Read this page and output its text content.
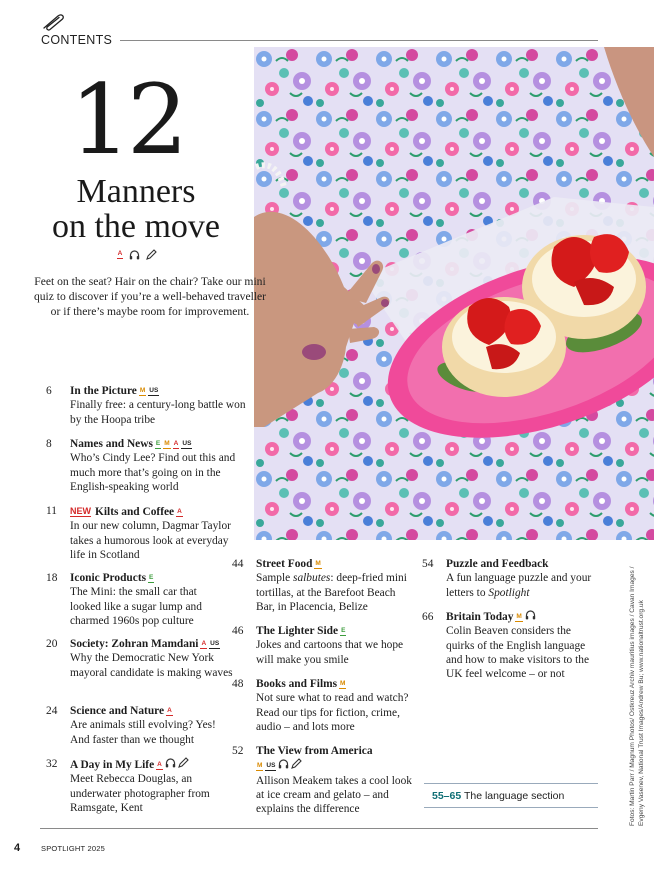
CONTENTS
12
Manners
on the move
A
Feet on the seat? Hair on the chair? Take our mini quiz to discover if you’re a well-behaved traveller or if there’s maybe room for improvement.
6	In the Picture M US
Finally free: a century-long battle won by the Hoopa tribe
8	Names and News E M A US
Who’s Cindy Lee? Find out this and much more that’s going on in the English-speaking world
11	NEW Kilts and Coffee A
In our new column, Dagmar Taylor takes a humorous look at everyday life in Scotland
18	Iconic Products E
The Mini: the small car that looked like a sugar lump and charmed 1960s pop culture
20	Society: Zohran Mamdani A US
Why the Democratic New York mayoral candidate is making waves
24	Science and Nature A
Are animals still evolving? Yes! And faster than we thought
32	A Day in My Life A
Meet Rebecca Douglas, an underwater photographer from Ramsgate, Kent
44	Street Food M
Sample salbutes: deep-fried mini tortillas, at the Barefoot Beach Bar, in Placencia, Belize
46	The Lighter Side E
Jokes and cartoons that we hope will make you smile
48	Books and Films M
Not sure what to read and watch? Read our tips for fiction, crime, audio – and lots more
52	The View from America
M US
Allison Meakem takes a cool look at ice cream and gelato – and explains the difference
54	Puzzle and Feedback
A fun language puzzle and your letters to Spotlight
66	Britain Today M
Colin Beaven considers the quirks of the English language and how to make visitors to the UK feel welcome – or not
55–65 The language section	Fotos: Martin Parr / Magnum Photos/ Ostkreuz Archiv mauritius images / Cavan Images / Evgeny Vasenev, National Trust Images/Andrew Bu; www.nationaltrust.org.uk
4	SPOTLIGHT 2025
